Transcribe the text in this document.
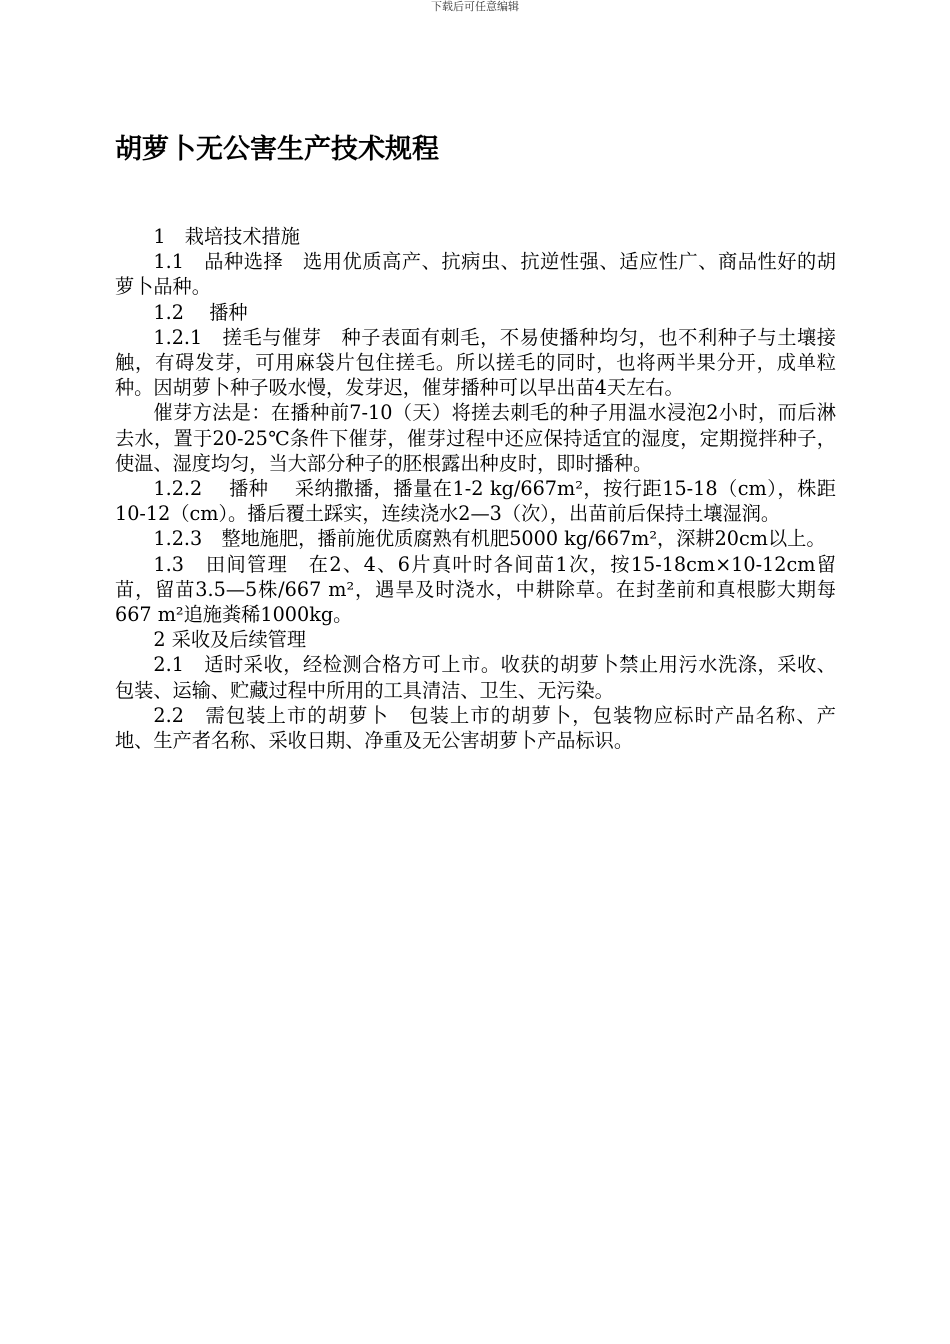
下载后可任意编辑
胡萝卜无公害生产技术规程

1　栽培技术措施

1.1　品种选择　选用优质高产、抗病虫、抗逆性强、适应性广、商品性好的胡萝卜品种。

1.2　 播种

1.2.1　搓毛与催芽　种子表面有刺毛，不易使播种均匀，也不利种子与土壤接触，有碍发芽，可用麻袋片包住搓毛。所以搓毛的同时，也将两半果分开，成单粒种。因胡萝卜种子吸水慢，发芽迟，催芽播种可以早出苗4天左右。

催芽方法是：在播种前7-10（天）将搓去刺毛的种子用温水浸泡2小时，而后淋去水，置于20-25℃条件下催芽，催芽过程中还应保持适宜的湿度，定期搅拌种子，使温、湿度均匀，当大部分种子的胚根露出种皮时，即时播种。

1.2.2　 播种　 采纳撒播，播量在1-2 kg/667m²，按行距15-18（cm），株距10-12（cm）。播后覆土踩实，连续浇水2—3（次），出苗前后保持土壤湿润。

1.2.3　整地施肥，播前施优质腐熟有机肥5000 kg/667m²，深耕20cm以上。

1.3　田间管理　在2、4、6片真叶时各间苗1次，按15-18cm×10-12cm留苗，留苗3.5—5株/667 m²，遇旱及时浇水，中耕除草。在封垄前和真根膨大期每667 m²追施粪稀1000kg。

2 采收及后续管理

2.1　适时采收，经检测合格方可上市。收获的胡萝卜禁止用污水洗涤，采收、包装、运输、贮藏过程中所用的工具清洁、卫生、无污染。

2.2　需包装上市的胡萝卜　包装上市的胡萝卜，包装物应标时产品名称、产地、生产者名称、采收日期、净重及无公害胡萝卜产品标识。
